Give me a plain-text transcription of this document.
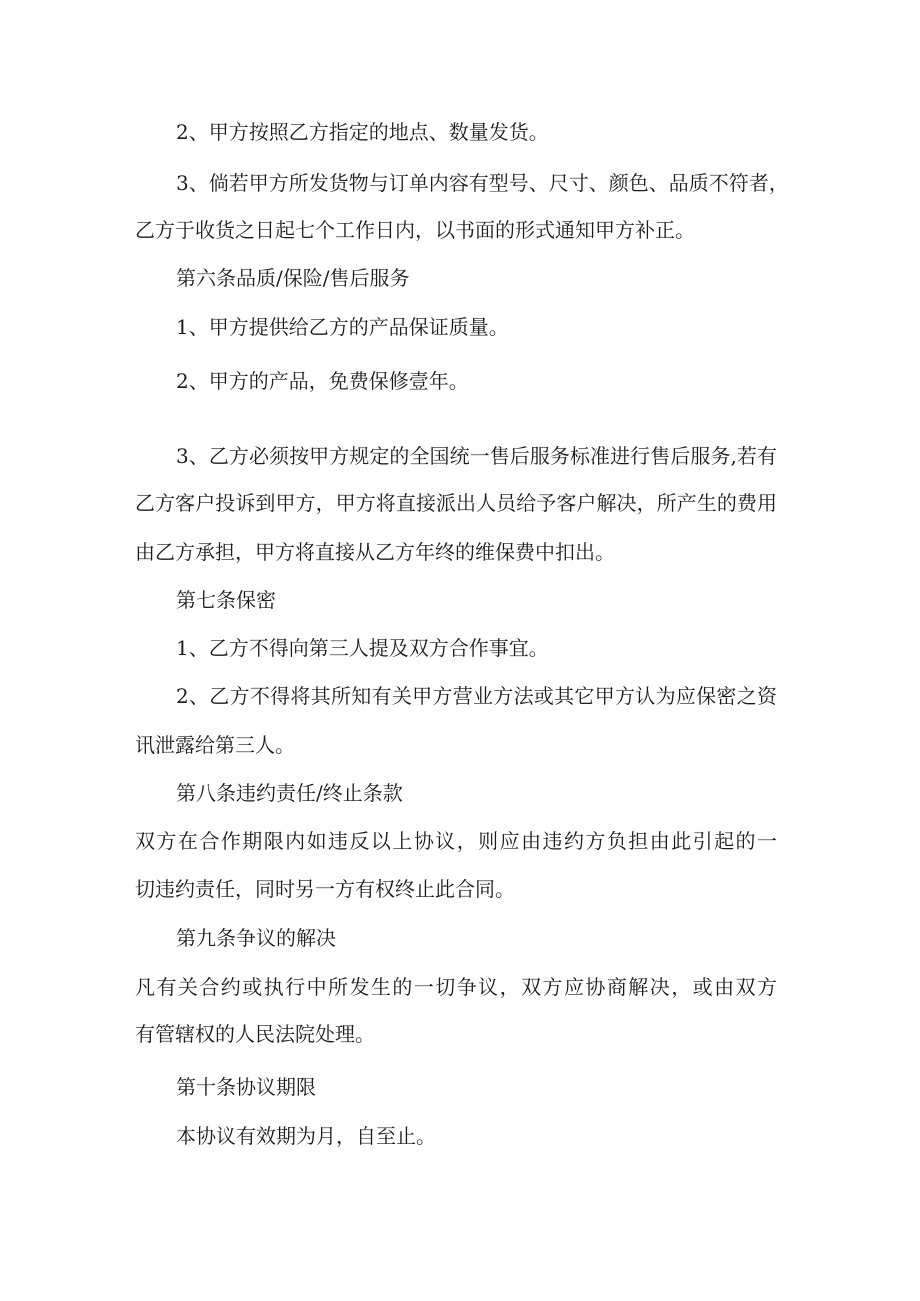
2、甲方按照乙方指定的地点、数量发货。
3、倘若甲方所发货物与订单内容有型号、尺寸、颜色、品质不符者，
乙方于收货之日起七个工作日内，以书面的形式通知甲方补正。
第六条品质/保险/售后服务
1、甲方提供给乙方的产品保证质量。
2、甲方的产品，免费保修壹年。
3、乙方必须按甲方规定的全国统一售后服务标准进行售后服务,若有
乙方客户投诉到甲方，甲方将直接派出人员给予客户解决，所产生的费用
由乙方承担，甲方将直接从乙方年终的维保费中扣出。
第七条保密
1、乙方不得向第三人提及双方合作事宜。
2、乙方不得将其所知有关甲方营业方法或其它甲方认为应保密之资
讯泄露给第三人。
第八条违约责任/终止条款
双方在合作期限内如违反以上协议，则应由违约方负担由此引起的一
切违约责任，同时另一方有权终止此合同。
第九条争议的解决
凡有关合约或执行中所发生的一切争议，双方应协商解决，或由双方
有管辖权的人民法院处理。
第十条协议期限
本协议有效期为月，自至止。
